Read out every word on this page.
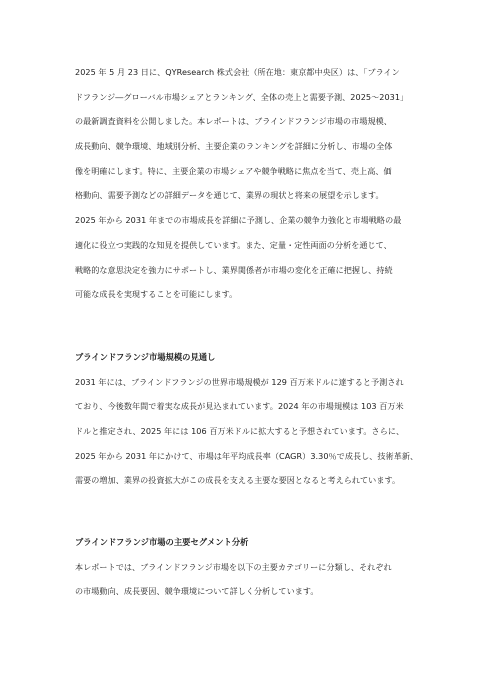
2025 年 5 月 23 日に、QYResearch 株式会社（所在地：東京都中央区）は、「ブライン
ドフランジ―グローバル市場シェアとランキング、全体の売上と需要予測、2025〜2031」
の最新調査資料を公開しました。本レポートは、ブラインドフランジ市場の市場規模、
成長動向、競争環境、地域別分析、主要企業のランキングを詳細に分析し、市場の全体
像を明確にします。特に、主要企業の市場シェアや競争戦略に焦点を当て、売上高、価
格動向、需要予測などの詳細データを通じて、業界の現状と将来の展望を示します。
2025 年から 2031 年までの市場成長を詳細に予測し、企業の競争力強化と市場戦略の最
適化に役立つ実践的な知見を提供しています。また、定量・定性両面の分析を通じて、
戦略的な意思決定を強力にサポートし、業界関係者が市場の変化を正確に把握し、持続
可能な成長を実現することを可能にします。

ブラインドフランジ市場規模の見通し

2031 年には、ブラインドフランジの世界市場規模が 129 百万米ドルに達すると予測され
ており、今後数年間で着実な成長が見込まれています。2024 年の市場規模は 103 百万米
ドルと推定され、2025 年には 106 百万米ドルに拡大すると予想されています。さらに、
2025 年から 2031 年にかけて、市場は年平均成長率（CAGR）3.30％で成長し、技術革新、
需要の増加、業界の投資拡大がこの成長を支える主要な要因となると考えられています。

ブラインドフランジ市場の主要セグメント分析

本レポートでは、ブラインドフランジ市場を以下の主要カテゴリーに分類し、それぞれ
の市場動向、成長要因、競争環境について詳しく分析しています。
